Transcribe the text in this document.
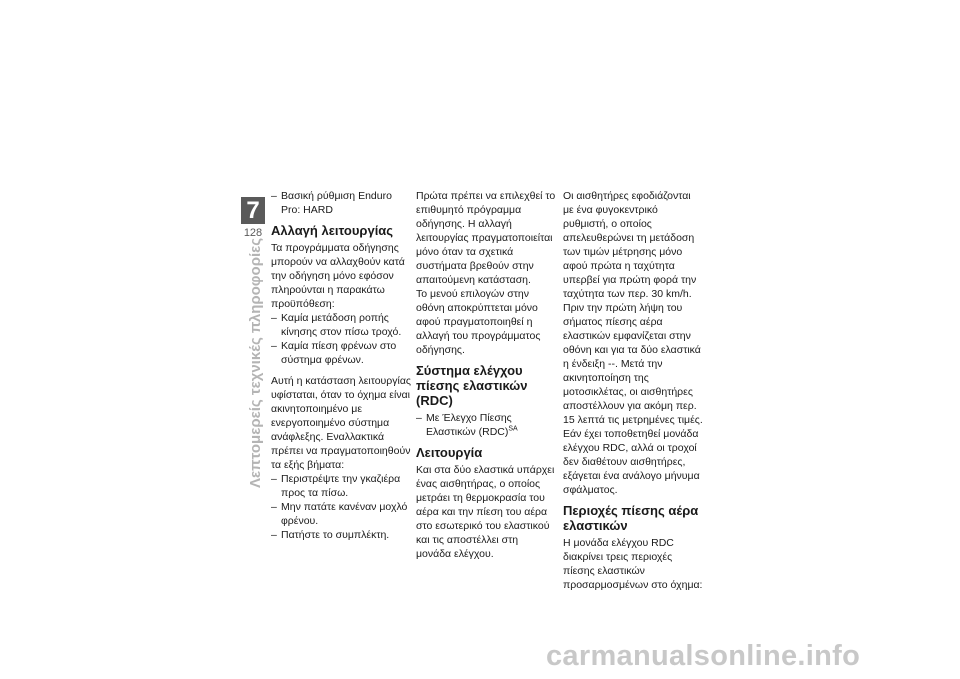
7
128
Λεπτομερείς τεχνικές πληροφορίες
– Βασική ρύθμιση Enduro Pro: HARD
Αλλαγή λειτουργίας

Τα προγράμματα οδήγησης μπορούν να αλλαχθούν κατά την οδήγηση μόνο εφόσον πληρούνται η παρακάτω προϋπόθεση:

– Καμία μετάδοση ροπής κίνησης στον πίσω τροχό.
– Καμία πίεση φρένων στο σύστημα φρένων.

Αυτή η κατάσταση λειτουργίας υφίσταται, όταν το όχημα είναι ακινητοποιημένο με ενεργοποιημένο σύστημα ανάφλεξης. Εναλλακτικά πρέπει να πραγματοποιηθούν τα εξής βήματα:

– Περιστρέψτε την γκαζιέρα προς τα πίσω.
– Μην πατάτε κανέναν μοχλό φρένου.
– Πατήστε το συμπλέκτη.

Πρώτα πρέπει να επιλεχθεί το επιθυμητό πρόγραμμα οδήγησης. Η αλλαγή λειτουργίας πραγματοποιείται μόνο όταν τα σχετικά συστήματα βρεθούν στην απαιτούμενη κατάσταση.

Το μενού επιλογών στην οθόνη αποκρύπτεται μόνο αφού πραγματοποιηθεί η αλλαγή του προγράμματος οδήγησης.

Σύστημα ελέγχου πίεσης ελαστικών (RDC)
– Με Έλεγχο Πίεσης Ελαστικών (RDC)$^{SA}$
Λειτουργία

Και στα δύο ελαστικά υπάρχει ένας αισθητήρας, ο οποίος μετράει τη θερμοκρασία του αέρα και την πίεση του αέρα στο εσωτερικό του ελαστικού και τις αποστέλλει στη μονάδα ελέγχου.

Οι αισθητήρες εφοδιάζονται με ένα φυγοκεντρικό ρυθμιστή, ο οποίος απελευθερώνει τη μετάδοση των τιμών μέτρησης μόνο αφού πρώτα η ταχύτητα υπερβεί για πρώτη φορά την ταχύτητα των περ. 30 km/h. Πριν την πρώτη λήψη του σήματος πίεσης αέρα ελαστικών εμφανίζεται στην οθόνη και για τα δύο ελαστικά η ένδειξη --. Μετά την ακινητοποίηση της μοτοσικλέτας, οι αισθητήρες αποστέλλουν για ακόμη περ. 15 λεπτά τις μετρημένες τιμές.

Εάν έχει τοποθετηθεί μονάδα ελέγχου RDC, αλλά οι τροχοί δεν διαθέτουν αισθητήρες, εξάγεται ένα ανάλογο μήνυμα σφάλματος.

Περιοχές πίεσης αέρα ελαστικών

Η μονάδα ελέγχου RDC διακρίνει τρεις περιοχές πίεσης ελαστικών προσαρμοσμένων στο όχημα:

carmanualsonline.info
